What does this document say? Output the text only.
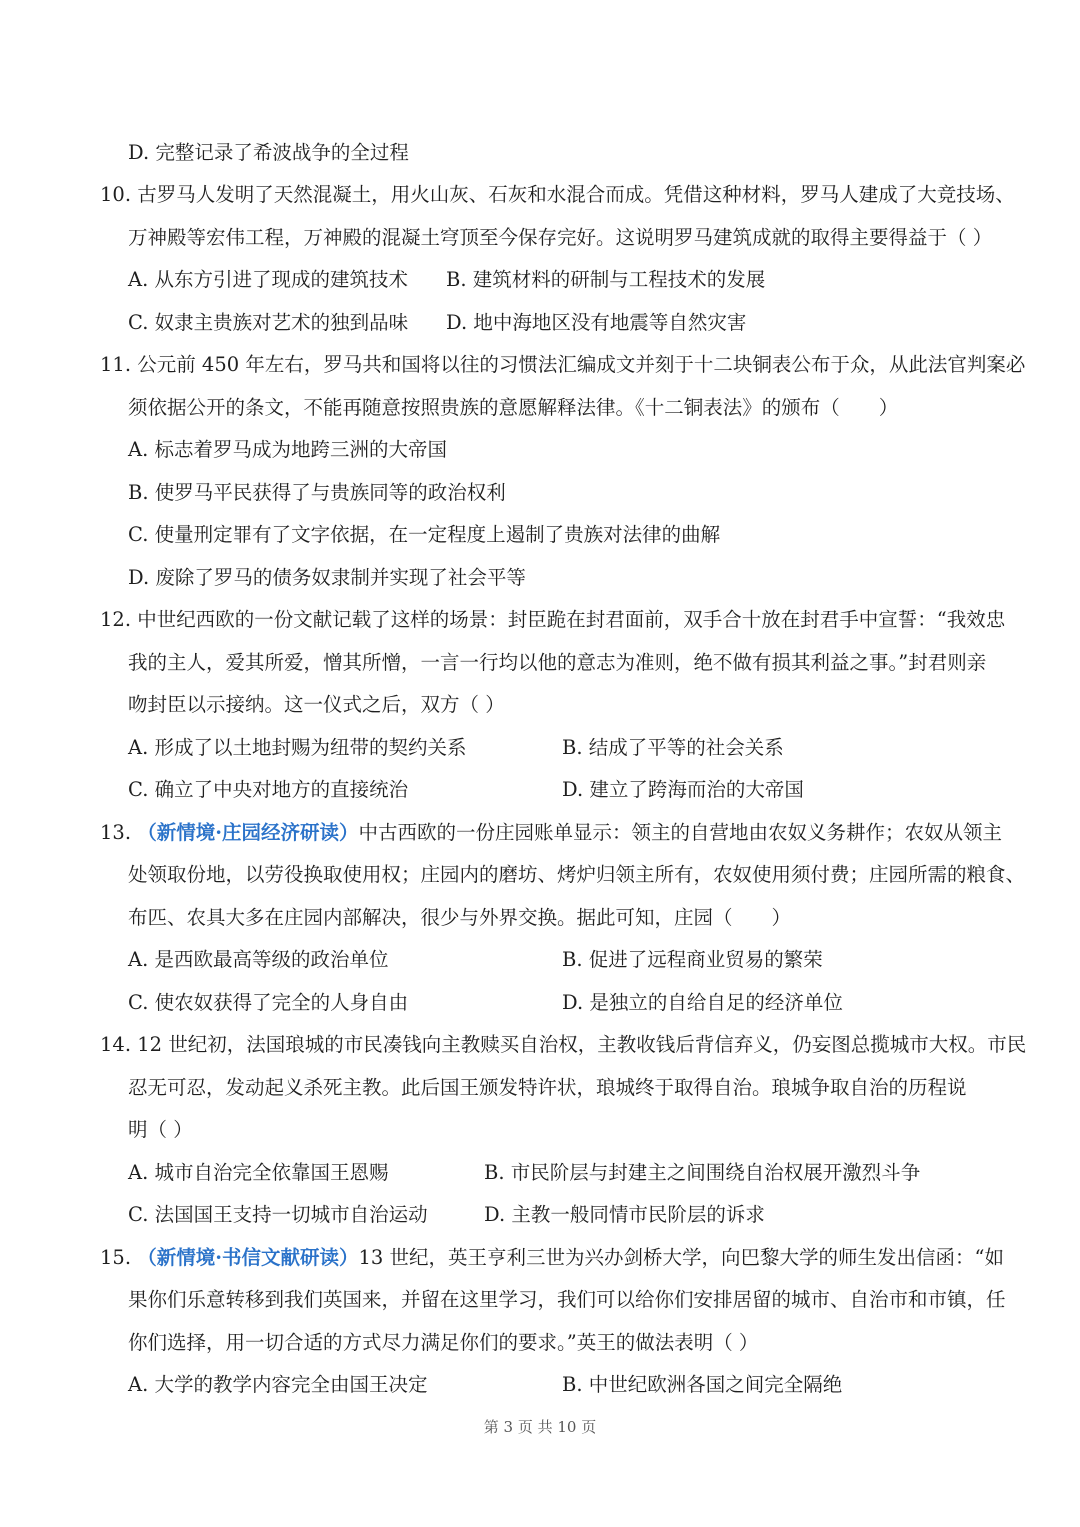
D. 完整记录了希波战争的全过程
10. 古罗马人发明了天然混凝土，用火山灰、石灰和水混合而成。凭借这种材料，罗马人建成了大竞技场、
万神殿等宏伟工程，万神殿的混凝土穹顶至今保存完好。这说明罗马建筑成就的取得主要得益于（ ）
A. 从东方引进了现成的建筑技术 B. 建筑材料的研制与工程技术的发展
C. 奴隶主贵族对艺术的独到品味 D. 地中海地区没有地震等自然灾害
11. 公元前 450 年左右，罗马共和国将以往的习惯法汇编成文并刻于十二块铜表公布于众，从此法官判案必
须依据公开的条文，不能再随意按照贵族的意愿解释法律。《十二铜表法》的颁布（　　）
A. 标志着罗马成为地跨三洲的大帝国
B. 使罗马平民获得了与贵族同等的政治权利
C. 使量刑定罪有了文字依据，在一定程度上遏制了贵族对法律的曲解
D. 废除了罗马的债务奴隶制并实现了社会平等
12. 中世纪西欧的一份文献记载了这样的场景：封臣跪在封君面前，双手合十放在封君手中宣誓：“我效忠
我的主人，爱其所爱，憎其所憎，一言一行均以他的意志为准则，绝不做有损其利益之事。”封君则亲
吻封臣以示接纳。这一仪式之后，双方（ ）
A. 形成了以土地封赐为纽带的契约关系	B. 结成了平等的社会关系
C. 确立了中央对地方的直接统治	D. 建立了跨海而治的大帝国
13. （新情境·庄园经济研读）中古西欧的一份庄园账单显示：领主的自营地由农奴义务耕作；农奴从领主
处领取份地，以劳役换取使用权；庄园内的磨坊、烤炉归领主所有，农奴使用须付费；庄园所需的粮食、
布匹、农具大多在庄园内部解决，很少与外界交换。据此可知，庄园（　　）
A. 是西欧最高等级的政治单位	B. 促进了远程商业贸易的繁荣
C. 使农奴获得了完全的人身自由	D. 是独立的自给自足的经济单位
14. 12 世纪初，法国琅城的市民凑钱向主教赎买自治权，主教收钱后背信弃义，仍妄图总揽城市大权。市民
忍无可忍，发动起义杀死主教。此后国王颁发特许状，琅城终于取得自治。琅城争取自治的历程说
明（ ）
A. 城市自治完全依靠国王恩赐	B. 市民阶层与封建主之间围绕自治权展开激烈斗争
C. 法国国王支持一切城市自治运动	D. 主教一般同情市民阶层的诉求
15. （新情境·书信文献研读）13 世纪，英王亨利三世为兴办剑桥大学，向巴黎大学的师生发出信函：“如
果你们乐意转移到我们英国来，并留在这里学习，我们可以给你们安排居留的城市、自治市和市镇，任
你们选择，用一切合适的方式尽力满足你们的要求。”英王的做法表明（ ）
A. 大学的教学内容完全由国王决定	B. 中世纪欧洲各国之间完全隔绝
第 3 页 共 10 页
